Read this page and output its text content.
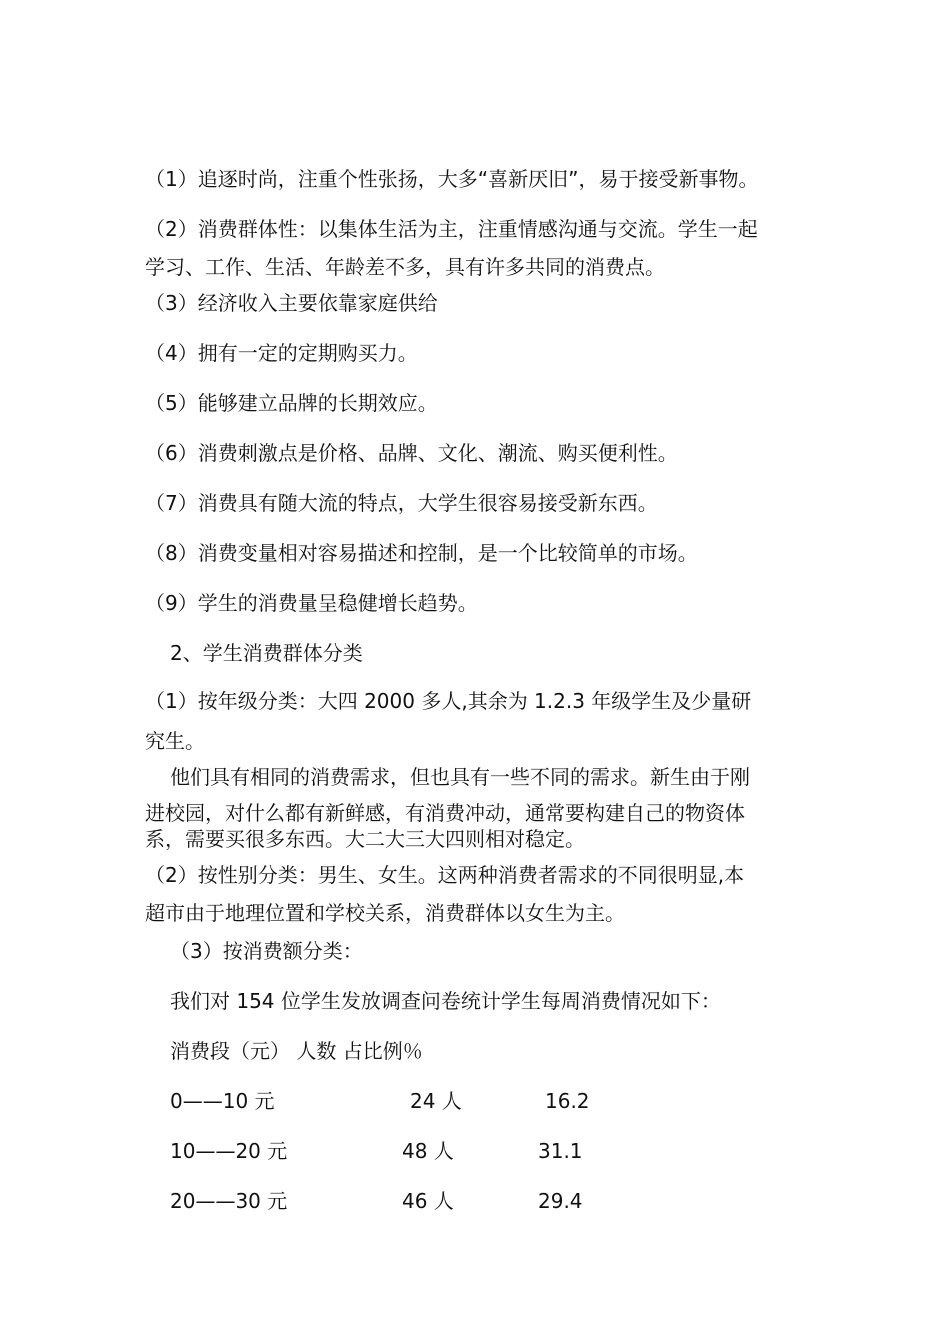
（1）追逐时尚，注重个性张扬，大多“喜新厌旧”，易于接受新事物。
（2）消费群体性：以集体生活为主，注重情感沟通与交流。学生一起
学习、工作、生活、年龄差不多，具有许多共同的消费点。
（3）经济收入主要依靠家庭供给
（4）拥有一定的定期购买力。
（5）能够建立品牌的长期效应。
（6）消费刺激点是价格、品牌、文化、潮流、购买便利性。
（7）消费具有随大流的特点，大学生很容易接受新东西。
（8）消费变量相对容易描述和控制，是一个比较简单的市场。
（9）学生的消费量呈稳健增长趋势。
2、学生消费群体分类
（1）按年级分类：大四 2000 多人,其余为 1.2.3 年级学生及少量研
究生。
他们具有相同的消费需求，但也具有一些不同的需求。新生由于刚
进校园，对什么都有新鲜感，有消费冲动，通常要构建自己的物资体
系，需要买很多东西。大二大三大四则相对稳定。
（2）按性别分类：男生、女生。这两种消费者需求的不同很明显,本
超市由于地理位置和学校关系，消费群体以女生为主。
（3）按消费额分类：
我们对 154 位学生发放调查问卷统计学生每周消费情况如下：
消费段（元） 人数 占比例％
0——10 元	24 人	16.2
10——20 元	48 人	31.1
20——30 元	46 人	29.4
